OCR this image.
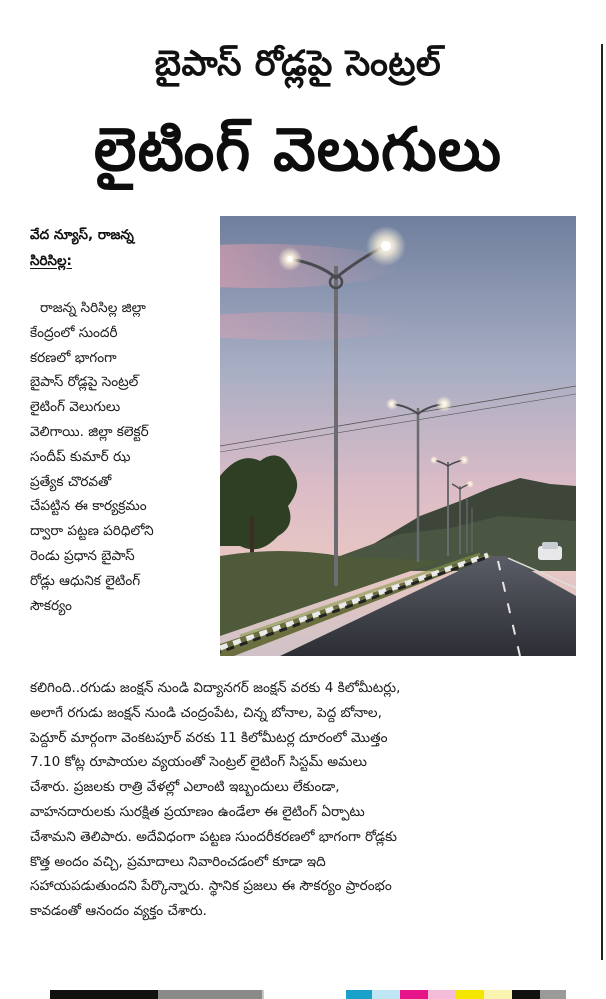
బైపాస్ రోడ్లపై సెంట్రల్
లైటింగ్ వెలుగులు
వేద న్యూస్, రాజన్న
సిరిసిల్ల:
రాజన్న సిరిసిల్ల జిల్లా
కేంద్రంలో సుందరీ
కరణలో భాగంగా
బైపాస్ రోడ్లపై సెంట్రల్
లైటింగ్ వెలుగులు
వెలిగాయి. జిల్లా కలెక్టర్
సందీప్ కుమార్ ఝ
ప్రత్యేక చొరవతో
చేపట్టిన ఈ కార్యక్రమం
ద్వారా పట్టణ పరిధిలోని
రెండు ప్రధాన బైపాస్
రోడ్లు ఆధునిక లైటింగ్
సౌకర్యం
కలిగింది..రగుడు జంక్షన్ నుండి విద్యానగర్ జంక్షన్ వరకు 4 కిలోమీటర్లు,
అలాగే రగుడు జంక్షన్ నుండి చంద్రంపేట, చిన్న బోనాల, పెద్ద బోనాల,
పెద్దూర్ మార్గంగా వెంకటపూర్ వరకు 11 కిలోమీటర్ల దూరంలో మొత్తం
7.10 కోట్ల రూపాయల వ్యయంతో సెంట్రల్ లైటింగ్ సిస్టమ్ అమలు
చేశారు. ప్రజలకు రాత్రి వేళల్లో ఎలాంటి ఇబ్బందులు లేకుండా,
వాహనదారులకు సురక్షిత ప్రయాణం ఉండేలా ఈ లైటింగ్ ఏర్పాటు
చేశామని తెలిపారు. అదేవిధంగా పట్టణ సుందరీకరణలో భాగంగా రోడ్లకు
కొత్త అందం వచ్చి, ప్రమాదాలు నివారించడంలో కూడా ఇది
సహాయపడుతుందని పేర్కొన్నారు. స్థానిక ప్రజలు ఈ సౌకర్యం ప్రారంభం
కావడంతో ఆనందం వ్యక్తం చేశారు.
